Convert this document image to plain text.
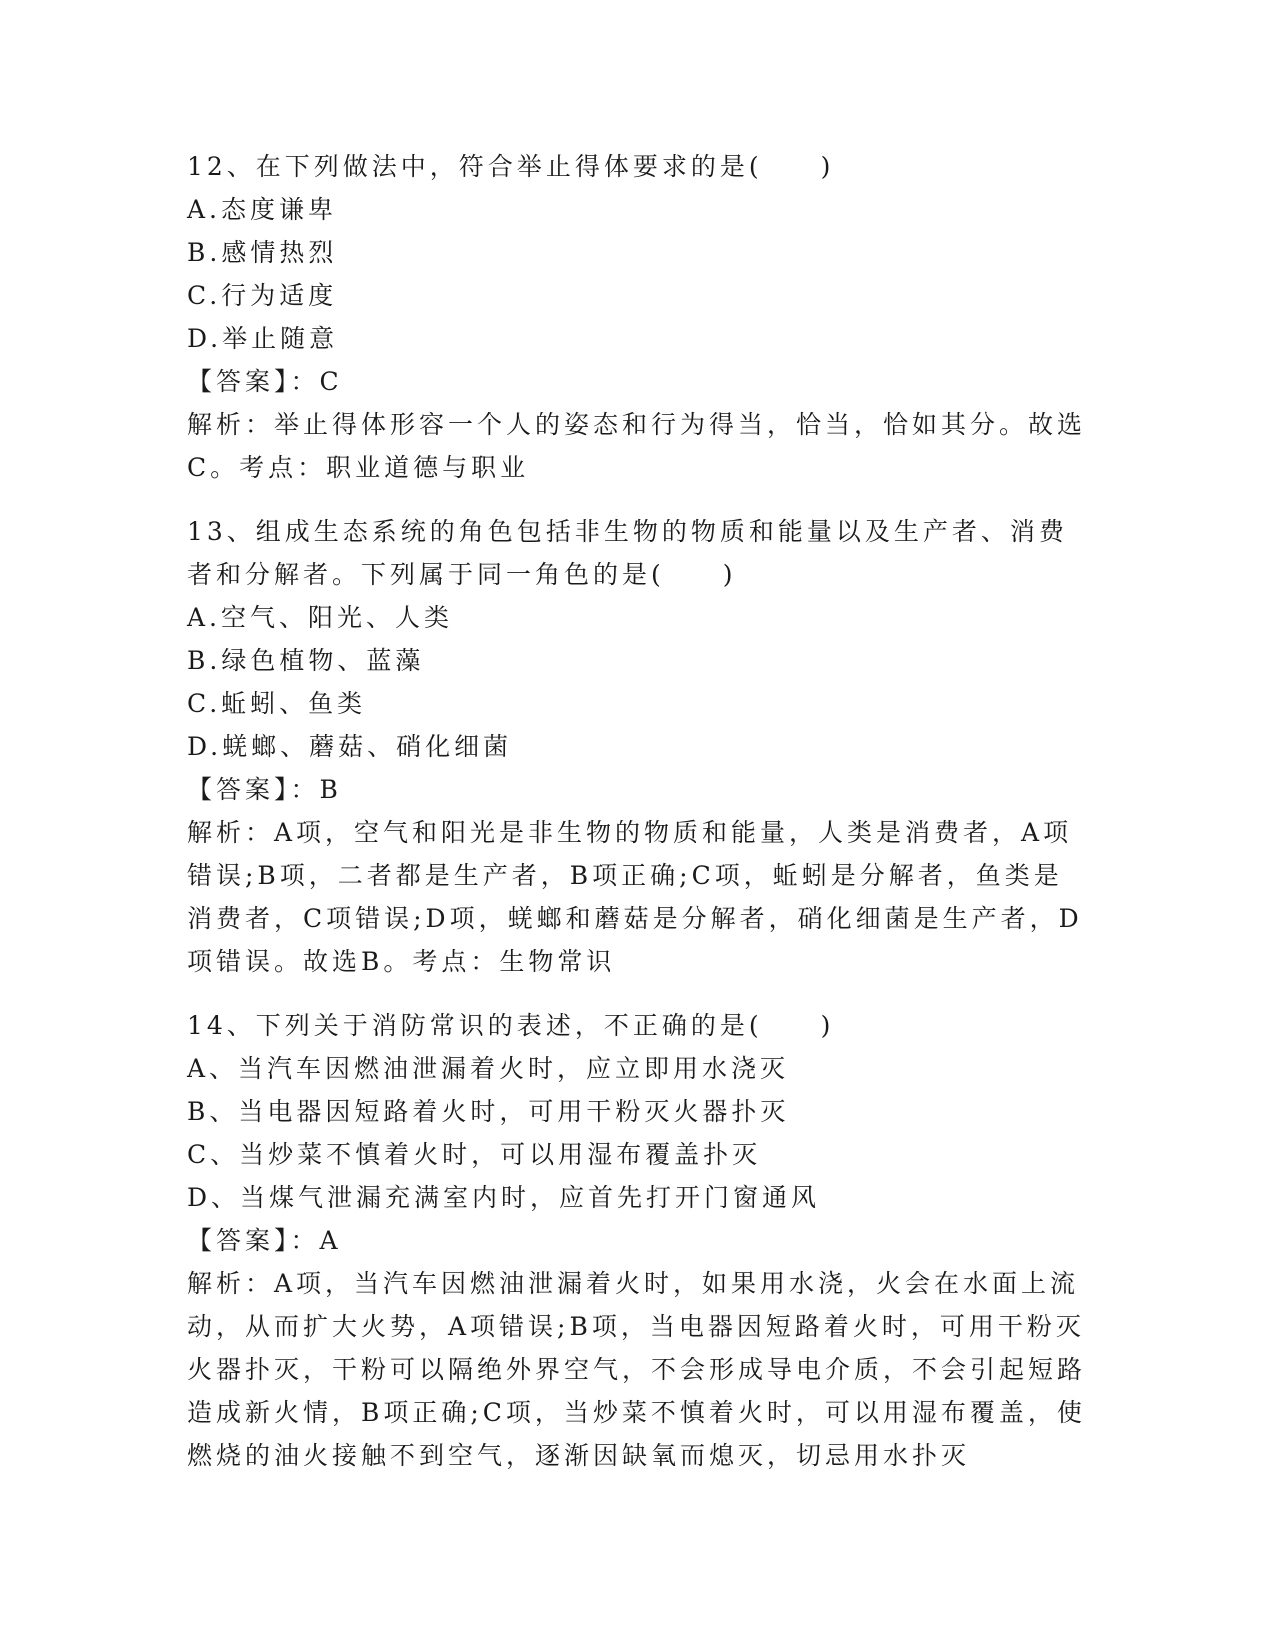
12、在下列做法中，符合举止得体要求的是(　　)
A.态度谦卑
B.感情热烈
C.行为适度
D.举止随意
【答案】：C
解析：举止得体形容一个人的姿态和行为得当，恰当，恰如其分。故选C。考点：职业道德与职业
13、组成生态系统的角色包括非生物的物质和能量以及生产者、消费者和分解者。下列属于同一角色的是(　　)
A.空气、阳光、人类
B.绿色植物、蓝藻
C.蚯蚓、鱼类
D.蜣螂、蘑菇、硝化细菌
【答案】：B
解析：A项，空气和阳光是非生物的物质和能量，人类是消费者，A项错误;B项，二者都是生产者，B项正确;C项，蚯蚓是分解者，鱼类是消费者，C项错误;D项，蜣螂和蘑菇是分解者，硝化细菌是生产者，D项错误。故选B。考点：生物常识
14、下列关于消防常识的表述，不正确的是(　　)
A、当汽车因燃油泄漏着火时，应立即用水浇灭
B、当电器因短路着火时，可用干粉灭火器扑灭
C、当炒菜不慎着火时，可以用湿布覆盖扑灭
D、当煤气泄漏充满室内时，应首先打开门窗通风
【答案】：A
解析：A项，当汽车因燃油泄漏着火时，如果用水浇，火会在水面上流动，从而扩大火势，A项错误;B项，当电器因短路着火时，可用干粉灭火器扑灭，干粉可以隔绝外界空气，不会形成导电介质，不会引起短路造成新火情，B项正确;C项，当炒菜不慎着火时，可以用湿布覆盖，使燃烧的油火接触不到空气，逐渐因缺氧而熄灭，切忌用水扑灭
